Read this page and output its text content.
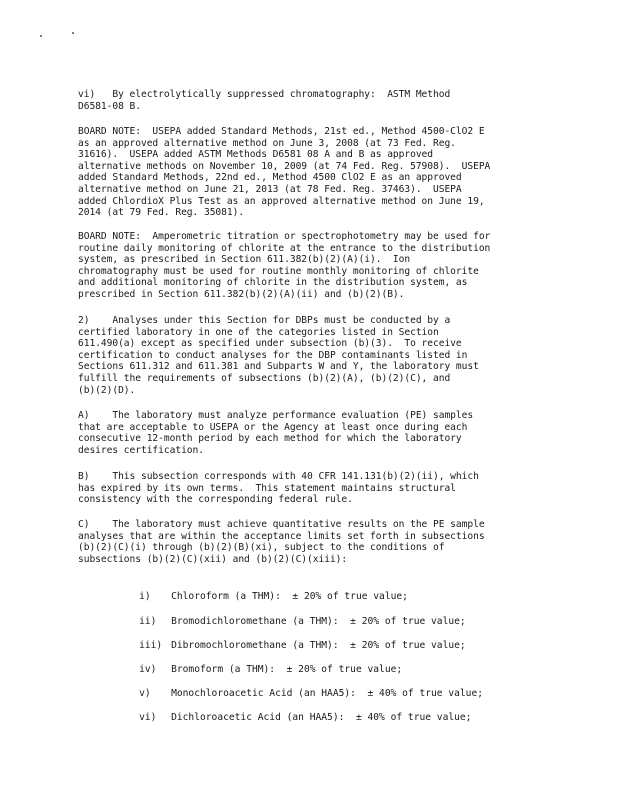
vi)   By electrolytically suppressed chromatography:  ASTM Method
D6581-08 B.

BOARD NOTE:  USEPA added Standard Methods, 21st ed., Method 4500-ClO2 E
as an approved alternative method on June 3, 2008 (at 73 Fed. Reg.
31616).  USEPA added ASTM Methods D6581 08 A and B as approved
alternative methods on November 10, 2009 (at 74 Fed. Reg. 57908).  USEPA
added Standard Methods, 22nd ed., Method 4500 ClO2 E as an approved
alternative method on June 21, 2013 (at 78 Fed. Reg. 37463).  USEPA
added ChlordioX Plus Test as an approved alternative method on June 19,
2014 (at 79 Fed. Reg. 35081).

BOARD NOTE:  Amperometric titration or spectrophotometry may be used for
routine daily monitoring of chlorite at the entrance to the distribution
system, as prescribed in Section 611.382(b)(2)(A)(i).  Ion
chromatography must be used for routine monthly monitoring of chlorite
and additional monitoring of chlorite in the distribution system, as
prescribed in Section 611.382(b)(2)(A)(ii) and (b)(2)(B).

2)    Analyses under this Section for DBPs must be conducted by a
certified laboratory in one of the categories listed in Section
611.490(a) except as specified under subsection (b)(3).  To receive
certification to conduct analyses for the DBP contaminants listed in
Sections 611.312 and 611.381 and Subparts W and Y, the laboratory must
fulfill the requirements of subsections (b)(2)(A), (b)(2)(C), and
(b)(2)(D).

A)    The laboratory must analyze performance evaluation (PE) samples
that are acceptable to USEPA or the Agency at least once during each
consecutive 12-month period by each method for which the laboratory
desires certification.

B)    This subsection corresponds with 40 CFR 141.131(b)(2)(ii), which
has expired by its own terms.  This statement maintains structural
consistency with the corresponding federal rule.

C)    The laboratory must achieve quantitative results on the PE sample
analyses that are within the acceptance limits set forth in subsections
(b)(2)(C)(i) through (b)(2)(B)(xi), subject to the conditions of
subsections (b)(2)(C)(xii) and (b)(2)(C)(xiii):

i) Chloroform (a THM):  ± 20% of true value;

ii) Bromodichloromethane (a THM):  ± 20% of true value;

iii) Dibromochloromethane (a THM):  ± 20% of true value;

iv) Bromoform (a THM):  ± 20% of true value;

v) Monochloroacetic Acid (an HAA5):  ± 40% of true value;

vi) Dichloroacetic Acid (an HAA5):  ± 40% of true value;
